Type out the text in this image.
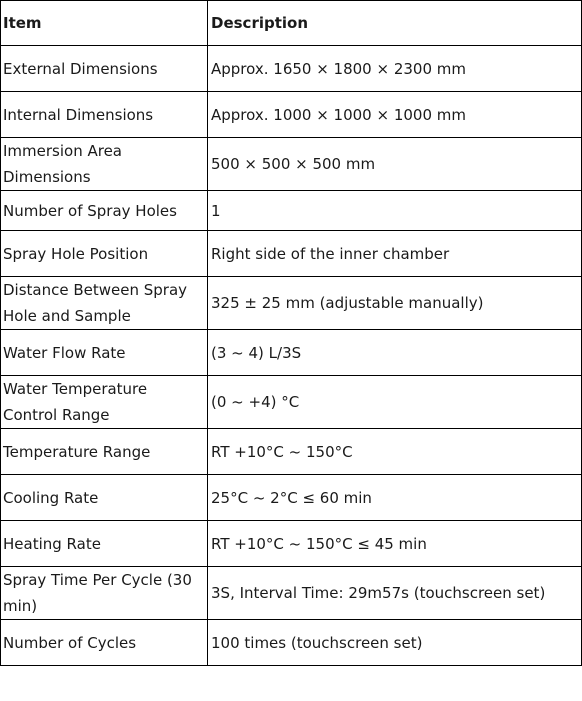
Item	Description
External Dimensions	Approx. 1650 × 1800 × 2300 mm
Internal Dimensions	Approx. 1000 × 1000 × 1000 mm
Immersion Area Dimensions	500 × 500 × 500 mm
Number of Spray Holes	1
Spray Hole Position	Right side of the inner chamber
Distance Between Spray Hole and Sample	325 ± 25 mm (adjustable manually)
Water Flow Rate	(3 ~ 4) L/3S
Water Temperature Control Range	(0 ~ +4) °C
Temperature Range	RT +10°C ~ 150°C
Cooling Rate	25°C ~ 2°C ≤ 60 min
Heating Rate	RT +10°C ~ 150°C ≤ 45 min
Spray Time Per Cycle (30 min)	3S, Interval Time: 29m57s (touchscreen set)
Number of Cycles	100 times (touchscreen set)
